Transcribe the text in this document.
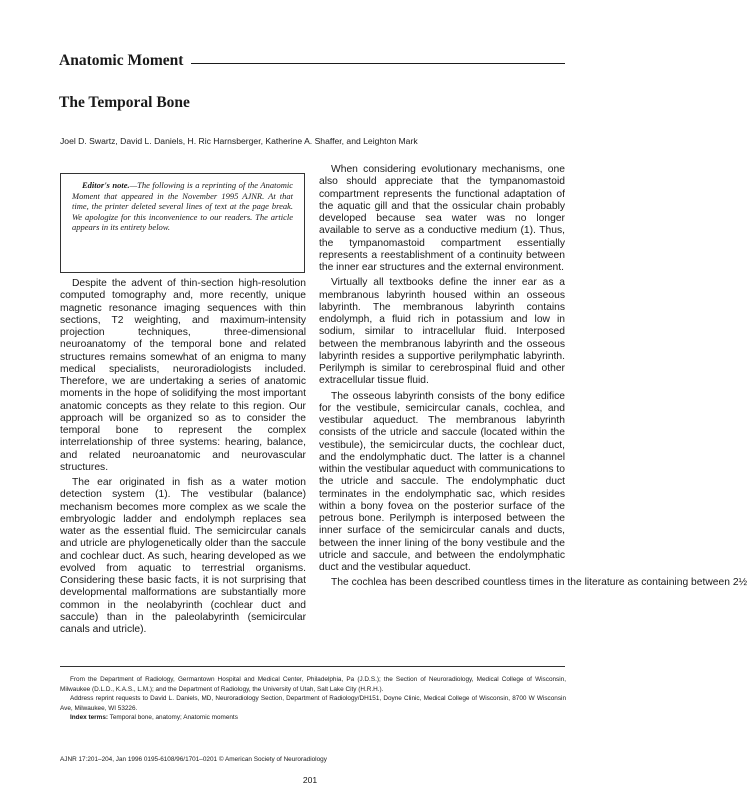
Anatomic Moment
The Temporal Bone
Joel D. Swartz, David L. Daniels, H. Ric Harnsberger, Katherine A. Shaffer, and Leighton Mark

Editor's note.—The following is a reprinting of the Anatomic Moment that appeared in the November 1995 AJNR. At that time, the printer deleted several lines of text at the page break. We apologize for this inconvenience to our readers. The article appears in its entirety below.

Despite the advent of thin-section high-resolution computed tomography and, more recently, unique magnetic resonance imaging sequences with thin sections, T2 weighting, and maximum-intensity projection techniques, three-dimensional neuroanatomy of the temporal bone and related structures remains somewhat of an enigma to many medical specialists, neuroradiologists included. Therefore, we are undertaking a series of anatomic moments in the hope of solidifying the most important anatomic concepts as they relate to this region. Our approach will be organized so as to consider the temporal bone to represent the complex interrelationship of three systems: hearing, balance, and related neuroanatomic and neurovascular structures.

The ear originated in fish as a water motion detection system (1). The vestibular (balance) mechanism becomes more complex as we scale the embryologic ladder and endolymph replaces sea water as the essential fluid. The semicircular canals and utricle are phylogenetically older than the saccule and cochlear duct. As such, hearing developed as we evolved from aquatic to terrestrial organisms. Considering these basic facts, it is not surprising that developmental malformations are substantially more common in the neolabyrinth (cochlear duct and saccule) than in the paleolabyrinth (semicircular canals and utricle).

When considering evolutionary mechanisms, one also should appreciate that the tympanomastoid compartment represents the functional adaptation of the aquatic gill and that the ossicular chain probably developed because sea water was no longer available to serve as a conductive medium (1). Thus, the tympanomastoid compartment essentially represents a reestablishment of a continuity between the inner ear structures and the external environment.

Virtually all textbooks define the inner ear as a membranous labyrinth housed within an osseous labyrinth. The membranous labyrinth contains endolymph, a fluid rich in potassium and low in sodium, similar to intracellular fluid. Interposed between the membranous labyrinth and the osseous labyrinth resides a supportive perilymphatic labyrinth. Perilymph is similar to cerebrospinal fluid and other extracellular tissue fluid.

The osseous labyrinth consists of the bony edifice for the vestibule, semicircular canals, cochlea, and vestibular aqueduct. The membranous labyrinth consists of the utricle and saccule (located within the vestibule), the semicircular ducts, the cochlear duct, and the endolymphatic duct. The latter is a channel within the vestibular aqueduct with communications to the utricle and saccule. The endolymphatic duct terminates in the endolymphatic sac, which resides within a bony fovea on the posterior surface of the petrous bone. Perilymph is interposed between the inner surface of the semicircular canals and ducts, between the inner lining of the bony vestibule and the utricle and saccule, and between the endolymphatic duct and the vestibular aqueduct.

The cochlea has been described countless times in the literature as containing between 2½

From the Department of Radiology, Germantown Hospital and Medical Center, Philadelphia, Pa (J.D.S.); the Section of Neuroradiology, Medical College of Wisconsin, Milwaukee (D.L.D., K.A.S., L.M.); and the Department of Radiology, the University of Utah, Salt Lake City (H.R.H.).

Address reprint requests to David L. Daniels, MD, Neuroradiology Section, Department of Radiology/DH151, Doyne Clinic, Medical College of Wisconsin, 8700 W Wisconsin Ave, Milwaukee, WI 53226.

Index terms: Temporal bone, anatomy; Anatomic moments

AJNR 17:201–204, Jan 1996 0195-6108/96/1701–0201 © American Society of Neuroradiology
201
